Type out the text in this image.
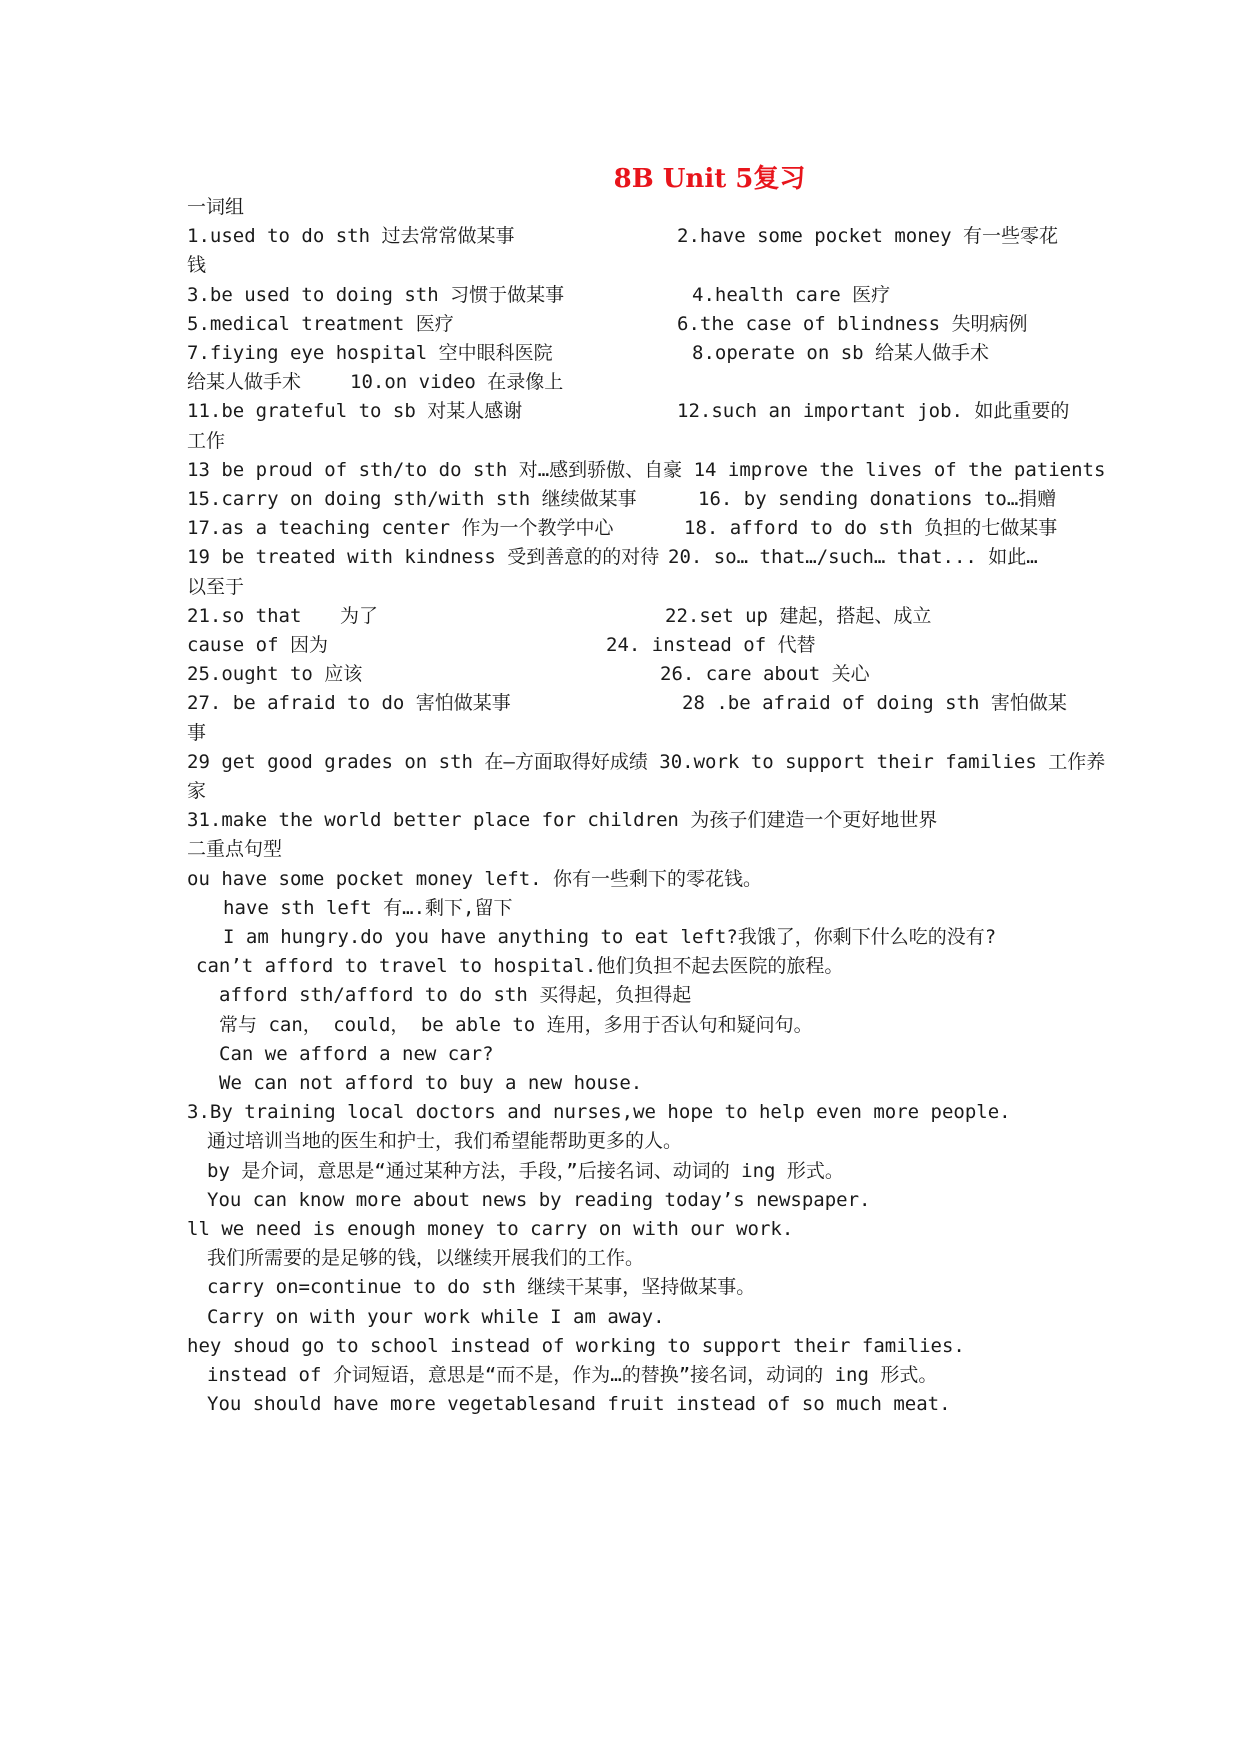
8B Unit 5复习
一词组
1.used to do sth 过去常常做某事	2.have some pocket money 有一些零花
钱
3.be used to doing sth 习惯于做某事	4.health care 医疗
5.medical treatment 医疗	6.the case of blindness 失明病例
7.fiying eye hospital 空中眼科医院	8.operate on sb 给某人做手术
给某人做手术	10.on video 在录像上
11.be grateful to sb 对某人感谢	12.such an important job. 如此重要的
工作
13 be proud of sth/to do sth 对…感到骄傲、自豪 14 improve the lives of the patients
15.carry on doing sth/with sth 继续做某事	16. by sending donations to…捐赠
17.as a teaching center 作为一个教学中心	18. afford to do sth 负担的七做某事
19 be treated with kindness 受到善意的的对待 20. so… that…/such… that... 如此…
以至于
21.so that 为了	22.set up 建起，搭起、成立
cause of 因为	24. instead of 代替
25.ought to 应该	26. care about 关心
27. be afraid to do 害怕做某事	28 .be afraid of doing sth 害怕做某
事
29 get good grades on sth 在—方面取得好成绩 30.work to support their families 工作养
家
31.make the world better place for children 为孩子们建造一个更好地世界
二重点句型
ou have some pocket money left. 你有一些剩下的零花钱。
have sth left 有….剩下,留下
I am hungry.do you have anything to eat left?我饿了，你剩下什么吃的没有?
can’t afford to travel to hospital.他们负担不起去医院的旅程。
afford sth/afford to do sth 买得起，负担得起
常与 can， could， be able to 连用，多用于否认句和疑问句。
Can we afford a new car?
We can not afford to buy a new house.
3.By training local doctors and nurses,we hope to help even more people.
通过培训当地的医生和护士，我们希望能帮助更多的人。
by 是介词，意思是“通过某种方法，手段，”后接名词、动词的 ing 形式。
You can know more about news by reading today’s newspaper.
ll we need is enough money to carry on with our work.
我们所需要的是足够的钱，以继续开展我们的工作。
carry on=continue to do sth 继续干某事，坚持做某事。
Carry on with your work while I am away.
hey shoud go to school instead of working to support their families.
instead of 介词短语，意思是“而不是，作为…的替换”接名词，动词的 ing 形式。
You should have more vegetablesand fruit instead of so much meat.
